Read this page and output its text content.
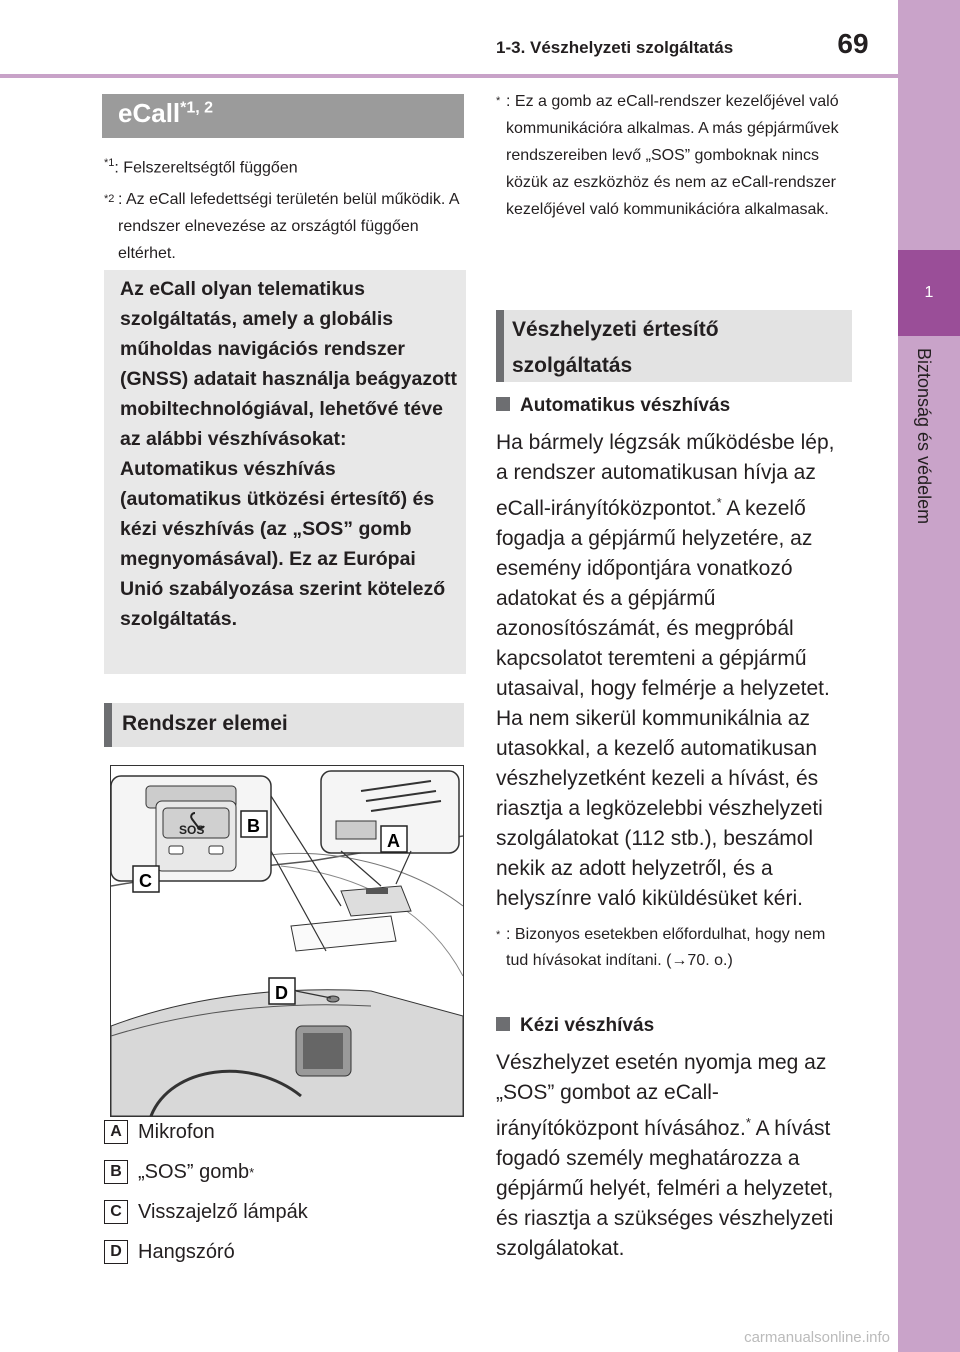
1-3. Vészhelyzeti szolgáltatás	69
1
Biztonság és védelem
eCall$^{*1, 2}$
$^{*1}$: Felszereltségtől függően
*2 : Az eCall lefedettségi területén belül működik. A rendszer elnevezése az országtól függően eltérhet.
Az eCall olyan telematikus szolgáltatás, amely a globális műholdas navigációs rendszer (GNSS) adatait használja beágyazott mobiltechnológiával, lehetővé téve az alábbi vészhívásokat: Automatikus vészhívás (automatikus ütközési értesítő) és kézi vészhívás (az „SOS” gomb megnyomásával). Ez az Európai Unió szabályozása szerint kötelező szolgáltatás.
Rendszer elemei
SOS B
A
C
D
A Mikrofon
B „SOS” gomb *
C Visszajelző lámpák
D Hangszóró
* : Ez a gomb az eCall-rendszer kezelőjével való kommunikációra alkalmas. A más gépjárművek rendszereiben levő „SOS” gomboknak nincs közük az eszközhöz és nem az eCall-rendszer kezelőjével való kommunikációra alkalmasak.
Vészhelyzeti értesítő szolgáltatás
Automatikus vészhívás
Ha bármely légzsák működésbe lép, a rendszer automatikusan hívja az eCall-irányítóközpontot.* A kezelő fogadja a gépjármű helyzetére, az esemény időpontjára vonatkozó adatokat és a gépjármű azonosítószámát, és megpróbál kapcsolatot teremteni a gépjármű utasaival, hogy felmérje a helyzetet. Ha nem sikerül kommunikálnia az utasokkal, a kezelő automatikusan vészhelyzetként kezeli a hívást, és riasztja a legközelebbi vészhelyzeti szolgálatokat (112 stb.), beszámol nekik az adott helyzetről, és a helyszínre való kiküldésüket kéri.
* : Bizonyos esetekben előfordulhat, hogy nem tud hívásokat indítani. (→70. o.)
Kézi vészhívás
Vészhelyzet esetén nyomja meg az „SOS” gombot az eCall-irányítóközpont hívásához.* A hívást fogadó személy meghatározza a gépjármű helyét, felméri a helyzetet, és riasztja a szükséges vészhelyzeti szolgálatokat.
carmanualsonline.info
